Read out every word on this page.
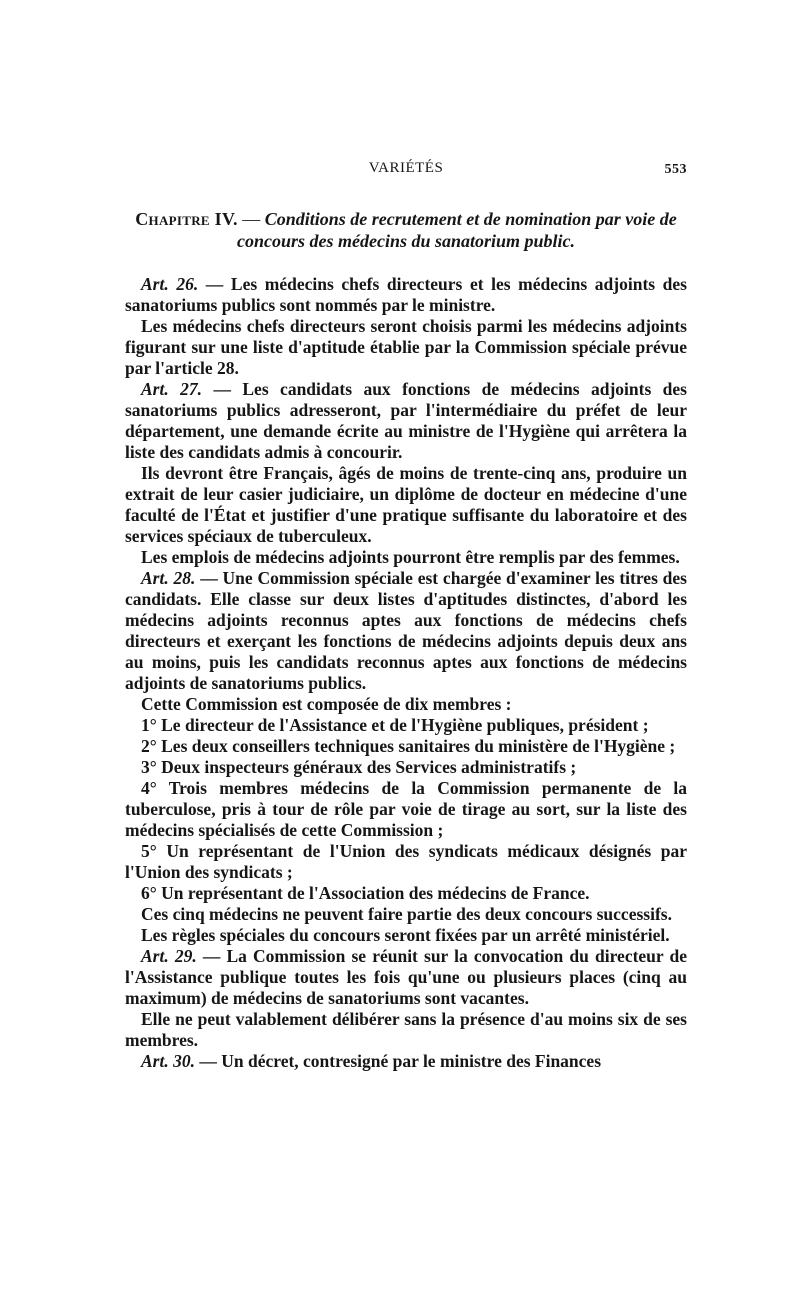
VARIÉTÉS	553
Chapitre IV. — Conditions de recrutement et de nomination par voie de concours des médecins du sanatorium public.

Art. 26. — Les médecins chefs directeurs et les médecins adjoints des sanatoriums publics sont nommés par le ministre.

Les médecins chefs directeurs seront choisis parmi les médecins adjoints figurant sur une liste d'aptitude établie par la Commission spéciale prévue par l'article 28.

Art. 27. — Les candidats aux fonctions de médecins adjoints des sanatoriums publics adresseront, par l'intermédiaire du préfet de leur département, une demande écrite au ministre de l'Hygiène qui arrêtera la liste des candidats admis à concourir.

Ils devront être Français, âgés de moins de trente-cinq ans, produire un extrait de leur casier judiciaire, un diplôme de docteur en médecine d'une faculté de l'État et justifier d'une pratique suffisante du laboratoire et des services spéciaux de tuberculeux.

Les emplois de médecins adjoints pourront être remplis par des femmes.

Art. 28. — Une Commission spéciale est chargée d'examiner les titres des candidats. Elle classe sur deux listes d'aptitudes distinctes, d'abord les médecins adjoints reconnus aptes aux fonctions de médecins chefs directeurs et exerçant les fonctions de médecins adjoints depuis deux ans au moins, puis les candidats reconnus aptes aux fonctions de médecins adjoints de sanatoriums publics.

Cette Commission est composée de dix membres :

1° Le directeur de l'Assistance et de l'Hygiène publiques, président ;

2° Les deux conseillers techniques sanitaires du ministère de l'Hygiène ;

3° Deux inspecteurs généraux des Services administratifs ;

4° Trois membres médecins de la Commission permanente de la tuberculose, pris à tour de rôle par voie de tirage au sort, sur la liste des médecins spécialisés de cette Commission ;

5° Un représentant de l'Union des syndicats médicaux désignés par l'Union des syndicats ;

6° Un représentant de l'Association des médecins de France.

Ces cinq médecins ne peuvent faire partie des deux concours successifs.

Les règles spéciales du concours seront fixées par un arrêté ministériel.

Art. 29. — La Commission se réunit sur la convocation du directeur de l'Assistance publique toutes les fois qu'une ou plusieurs places (cinq au maximum) de médecins de sanatoriums sont vacantes.

Elle ne peut valablement délibérer sans la présence d'au moins six de ses membres.

Art. 30. — Un décret, contresigné par le ministre des Finances
